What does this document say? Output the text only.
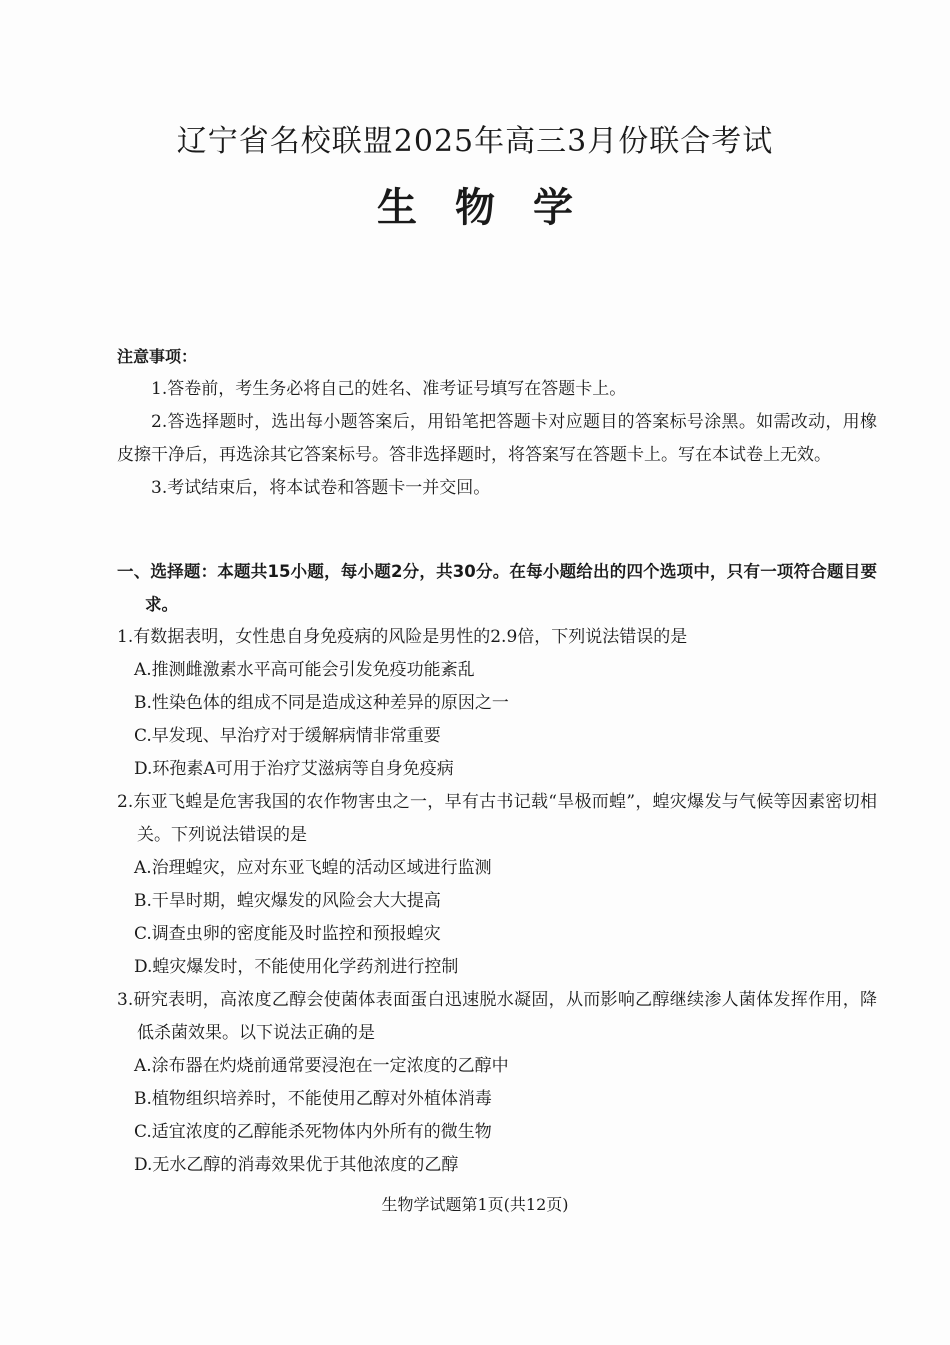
辽宁省名校联盟2025年高三3月份联合考试
生物学
注意事项：
1.答卷前，考生务必将自己的姓名、准考证号填写在答题卡上。
2.答选择题时，选出每小题答案后，用铅笔把答题卡对应题目的答案标号涂黑。如需改动，用橡皮擦干净后，再选涂其它答案标号。答非选择题时，将答案写在答题卡上。写在本试卷上无效。
3.考试结束后，将本试卷和答题卡一并交回。
一、选择题：本题共15小题，每小题2分，共30分。在每小题给出的四个选项中，只有一项符合题目要求。
1.有数据表明，女性患自身免疫病的风险是男性的2.9倍，下列说法错误的是
A.推测雌激素水平高可能会引发免疫功能紊乱
B.性染色体的组成不同是造成这种差异的原因之一
C.早发现、早治疗对于缓解病情非常重要
D.环孢素A可用于治疗艾滋病等自身免疫病
2.东亚飞蝗是危害我国的农作物害虫之一，早有古书记载“旱极而蝗”，蝗灾爆发与气候等因素密切相关。下列说法错误的是
A.治理蝗灾，应对东亚飞蝗的活动区域进行监测
B.干旱时期，蝗灾爆发的风险会大大提高
C.调查虫卵的密度能及时监控和预报蝗灾
D.蝗灾爆发时，不能使用化学药剂进行控制
3.研究表明，高浓度乙醇会使菌体表面蛋白迅速脱水凝固，从而影响乙醇继续渗人菌体发挥作用，降低杀菌效果。以下说法正确的是
A.涂布器在灼烧前通常要浸泡在一定浓度的乙醇中
B.植物组织培养时，不能使用乙醇对外植体消毒
C.适宜浓度的乙醇能杀死物体内外所有的微生物
D.无水乙醇的消毒效果优于其他浓度的乙醇
生物学试题第1页(共12页)
